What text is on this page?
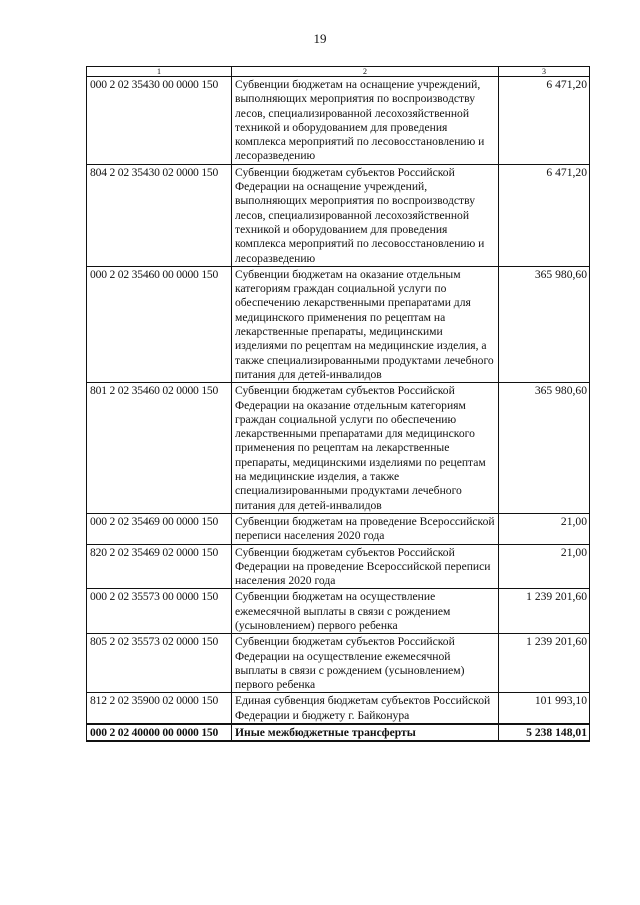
19
1	2	3
000 2 02 35430 00 0000 150	Субвенции бюджетам на оснащение учреждений, выполняющих мероприятия по воспроизводству лесов, специализированной лесохозяйственной техникой и оборудованием для проведения комплекса мероприятий по лесовосстановлению и лесоразведению	6 471,20
804 2 02 35430 02 0000 150	Субвенции бюджетам субъектов Российской Федерации на оснащение учреждений, выполняющих мероприятия по воспроизводству лесов, специализированной лесохозяйственной техникой и оборудованием для проведения комплекса мероприятий по лесовосстановлению и лесоразведению	6 471,20
000 2 02 35460 00 0000 150	Субвенции бюджетам на оказание отдельным категориям граждан социальной услуги по обеспечению лекарственными препаратами для медицинского применения по рецептам на лекарственные препараты, медицинскими изделиями по рецептам на медицинские изделия, а также специализированными продуктами лечебного питания для детей-инвалидов	365 980,60
801 2 02 35460 02 0000 150	Субвенции бюджетам субъектов Российской Федерации на оказание отдельным категориям граждан социальной услуги по обеспечению лекарственными препаратами для медицинского применения по рецептам на лекарственные препараты, медицинскими изделиями по рецептам на медицинские изделия, а также специализированными продуктами лечебного питания для детей-инвалидов	365 980,60
000 2 02 35469 00 0000 150	Субвенции бюджетам на проведение Всероссийской переписи населения 2020 года	21,00
820 2 02 35469 02 0000 150	Субвенции бюджетам субъектов Российской Федерации на проведение Всероссийской переписи населения 2020 года	21,00
000 2 02 35573 00 0000 150	Субвенции бюджетам на осуществление ежемесячной выплаты в связи с рождением (усыновлением) первого ребенка	1 239 201,60
805 2 02 35573 02 0000 150	Субвенции бюджетам субъектов Российской Федерации на осуществление ежемесячной выплаты в связи с рождением (усыновлением) первого ребенка	1 239 201,60
812 2 02 35900 02 0000 150	Единая субвенция бюджетам субъектов Российской Федерации и бюджету г. Байконура	101 993,10
000 2 02 40000 00 0000 150	Иные межбюджетные трансферты	5 238 148,01
